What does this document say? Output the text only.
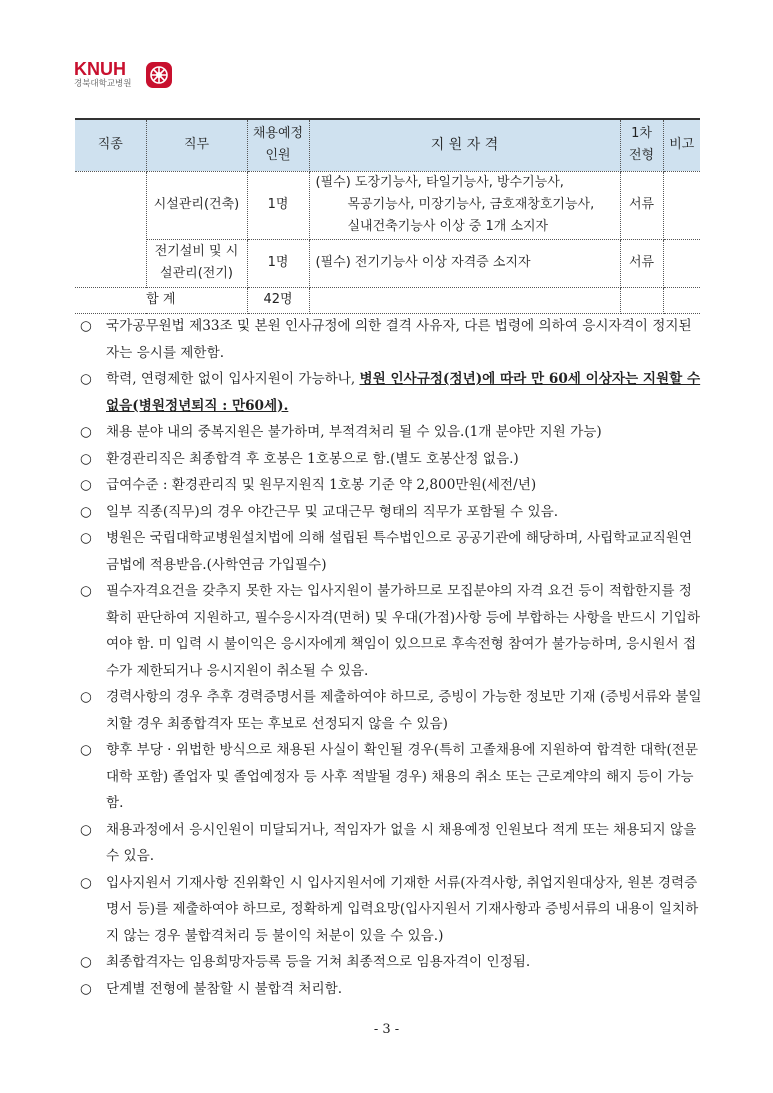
KNUH
경북대학교병원
직종	직무	채용예정 인원	지 원 자 격	1차 전형	비고
	시설관리(건축)	1명	(필수) 도장기능사, 타일기능사, 방수기능사,
목공기능사, 미장기능사, 금호재창호기능사,
실내건축기능사 이상 중 1개 소지자	서류	
	전기설비 및 시설관리(전기)	1명	(필수) 전기기능사 이상 자격증 소지자	서류	
합 계		42명			
○ 국가공무원법 제33조 및 본원 인사규정에 의한 결격 사유자, 다른 법령에 의하여 응시자격이 정지된 자는 응시를 제한함.
○ 학력, 연령제한 없이 입사지원이 가능하나, 병원 인사규정(정년)에 따라 만 60세 이상자는 지원할 수 없음(병원정년퇴직 : 만60세).
○ 채용 분야 내의 중복지원은 불가하며, 부적격처리 될 수 있음.(1개 분야만 지원 가능)
○ 환경관리직은 최종합격 후 호봉은 1호봉으로 함.(별도 호봉산정 없음.)
○ 급여수준 : 환경관리직 및 원무지원직 1호봉 기준 약 2,800만원(세전/년)
○ 일부 직종(직무)의 경우 야간근무 및 교대근무 형태의 직무가 포함될 수 있음.
○ 병원은 국립대학교병원설치법에 의해 설립된 특수법인으로 공공기관에 해당하며, 사립학교교직원연금법에 적용받음.(사학연금 가입필수)
○ 필수자격요건을 갖추지 못한 자는 입사지원이 불가하므로 모집분야의 자격 요건 등이 적합한지를 정확히 판단하여 지원하고, 필수응시자격(면허) 및 우대(가점)사항 등에 부합하는 사항을 반드시 기입하여야 함. 미 입력 시 불이익은 응시자에게 책임이 있으므로 후속전형 참여가 불가능하며, 응시원서 접수가 제한되거나 응시지원이 취소될 수 있음.
○ 경력사항의 경우 추후 경력증명서를 제출하여야 하므로, 증빙이 가능한 정보만 기재 (증빙서류와 불일치할 경우 최종합격자 또는 후보로 선정되지 않을 수 있음)
○ 향후 부당 · 위법한 방식으로 채용된 사실이 확인될 경우(특히 고졸채용에 지원하여 합격한 대학(전문대학 포함) 졸업자 및 졸업예정자 등 사후 적발될 경우) 채용의 취소 또는 근로계약의 해지 등이 가능함.
○ 채용과정에서 응시인원이 미달되거나, 적임자가 없을 시 채용예정 인원보다 적게 또는 채용되지 않을 수 있음.
○ 입사지원서 기재사항 진위확인 시 입사지원서에 기재한 서류(자격사항, 취업지원대상자, 원본 경력증명서 등)를 제출하여야 하므로, 정확하게 입력요망(입사지원서 기재사항과 증빙서류의 내용이 일치하지 않는 경우 불합격처리 등 불이익 처분이 있을 수 있음.)
○ 최종합격자는 임용희망자등록 등을 거쳐 최종적으로 임용자격이 인정됨.
○ 단계별 전형에 불참할 시 불합격 처리함.
- 3 -
